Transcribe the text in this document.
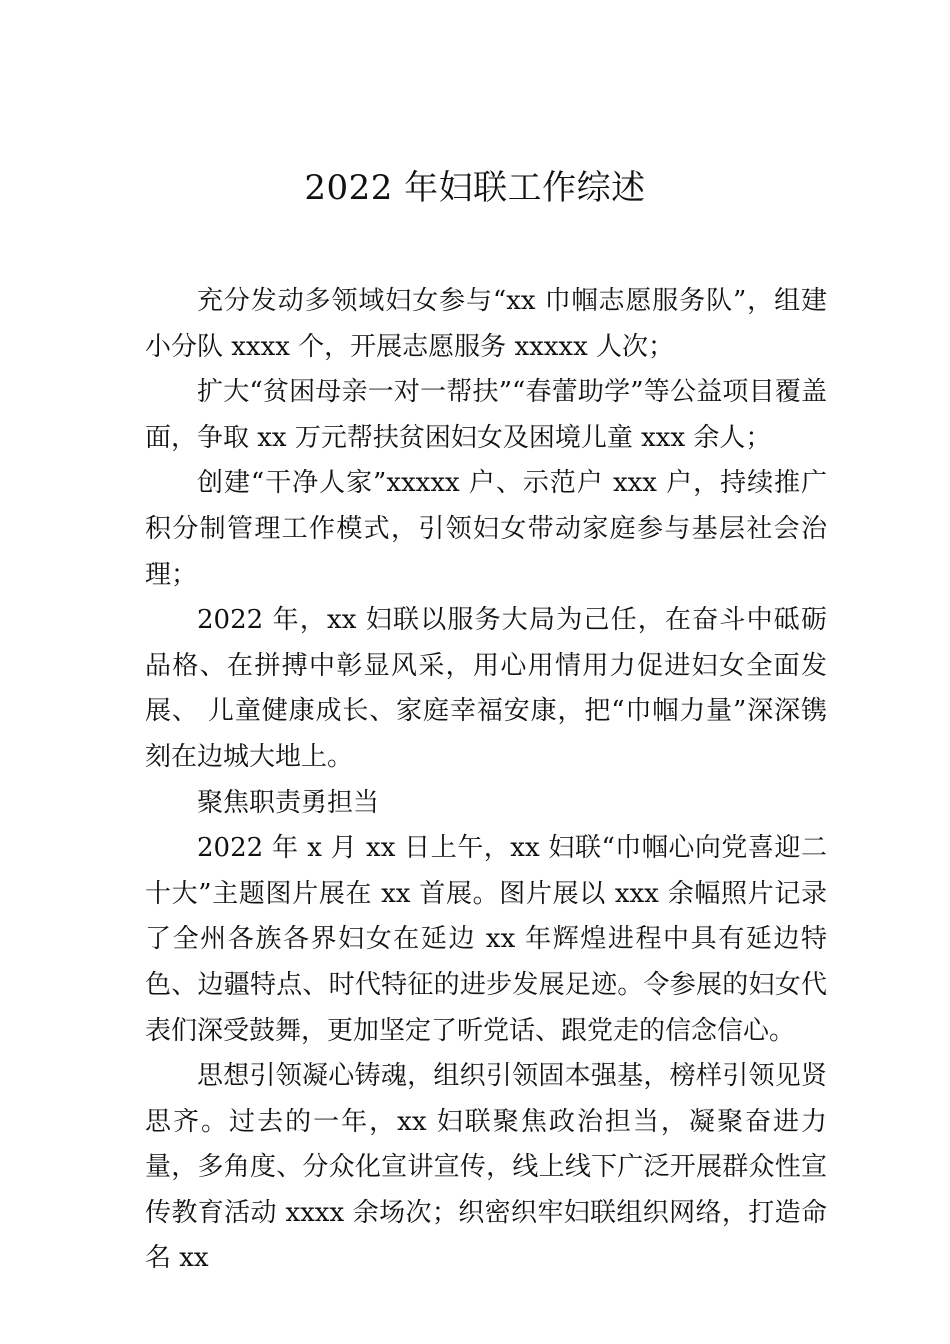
2022 年妇联工作综述

充分发动多领域妇女参与“xx 巾帼志愿服务队”，组建小分队 xxxx 个，开展志愿服务 xxxxx 人次；

扩大“贫困母亲一对一帮扶”“春蕾助学”等公益项目覆盖面，争取 xx 万元帮扶贫困妇女及困境儿童 xxx 余人；

创建“干净人家”xxxxx 户、示范户 xxx 户，持续推广积分制管理工作模式，引领妇女带动家庭参与基层社会治理；

2022 年，xx 妇联以服务大局为己任，在奋斗中砥砺品格、在拼搏中彰显风采，用心用情用力促进妇女全面发展、 儿童健康成长、家庭幸福安康，把“巾帼力量”深深镌刻在边城大地上。

聚焦职责勇担当

2022 年 x 月 xx 日上午，xx 妇联“巾帼心向党喜迎二十大”主题图片展在 xx 首展。图片展以 xxx 余幅照片记录了全州各族各界妇女在延边 xx 年辉煌进程中具有延边特色、边疆特点、时代特征的进步发展足迹。令参展的妇女代表们深受鼓舞，更加坚定了听党话、跟党走的信念信心。

思想引领凝心铸魂，组织引领固本强基，榜样引领见贤思齐。过去的一年，xx 妇联聚焦政治担当，凝聚奋进力量，多角度、分众化宣讲宣传，线上线下广泛开展群众性宣传教育活动 xxxx 余场次；织密织牢妇联组织网络，打造命名 xx
